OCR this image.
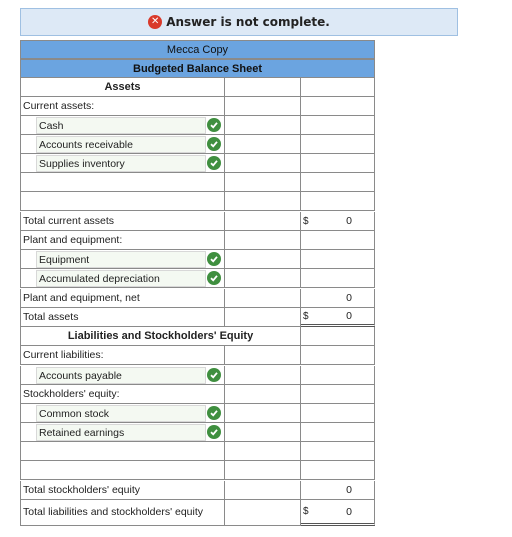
✕ Answer is not complete.
Mecca Copy
Budgeted Balance Sheet
Assets
Current assets:
Cash
Accounts receivable
Supplies inventory
Total current assets	$	0
Plant and equipment:
Equipment
Accumulated depreciation
Plant and equipment, net	0
Total assets	$	0
Liabilities and Stockholders' Equity
Current liabilities:
Accounts payable
Stockholders' equity:
Common stock
Retained earnings
Total stockholders' equity	0
Total liabilities and stockholders' equity	$	0
